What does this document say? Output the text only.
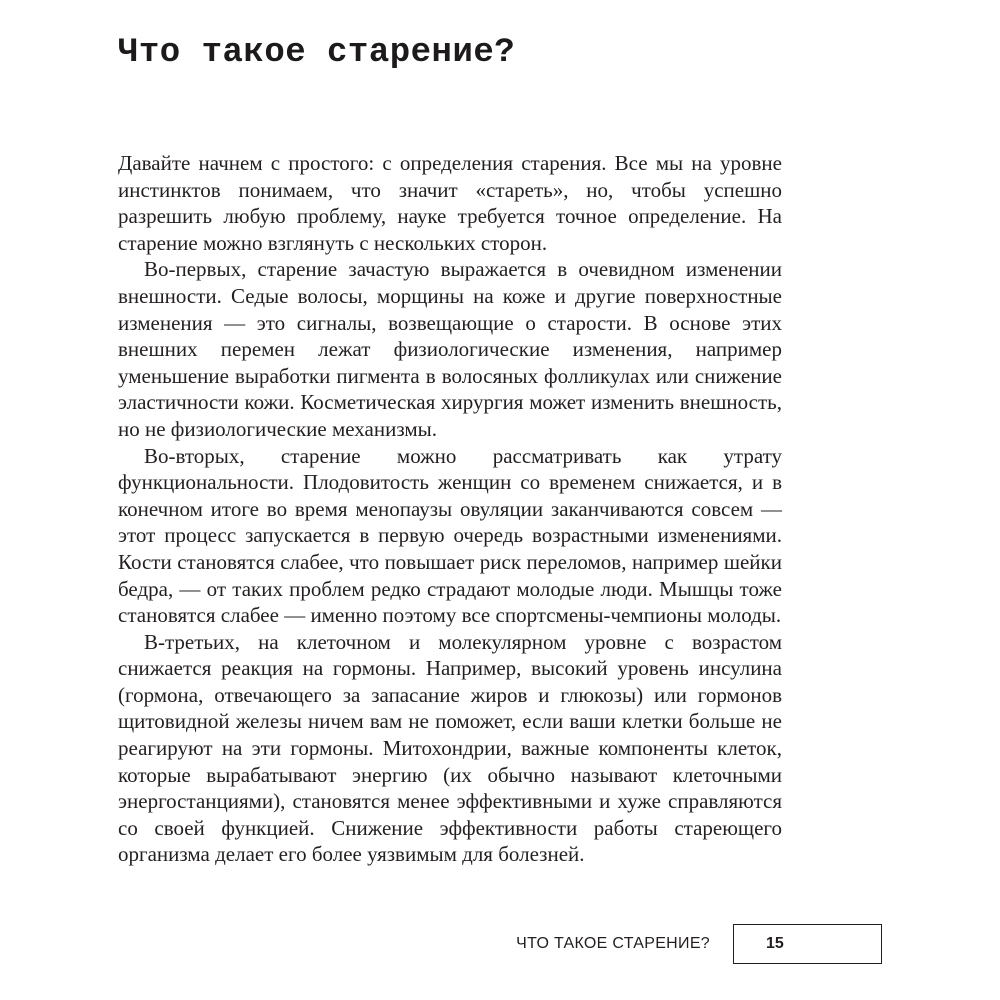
Что такое старение?

Давайте начнем с простого: с определения старения. Все мы на уровне инстинктов понимаем, что значит «стареть», но, чтобы успешно разрешить любую проблему, науке требуется точное определение. На старение можно взглянуть с нескольких сторон.

Во-первых, старение зачастую выражается в очевидном изменении внешности. Седые волосы, морщины на коже и другие поверхностные изменения — это сигналы, возвещающие о старости. В основе этих внешних перемен лежат физиологические изменения, например уменьшение выработки пигмента в волосяных фолликулах или снижение эластичности кожи. Косметическая хирургия может изменить внешность, но не физиологические механизмы.

Во-вторых, старение можно рассматривать как утрату функциональности. Плодовитость женщин со временем снижается, и в конечном итоге во время менопаузы овуляции заканчиваются совсем — этот процесс запускается в первую очередь возрастными изменениями. Кости становятся слабее, что повышает риск переломов, например шейки бедра, — от таких проблем редко страдают молодые люди. Мышцы тоже становятся слабее — именно поэтому все спортсмены-чемпионы молоды.

В-третьих, на клеточном и молекулярном уровне с возрастом снижается реакция на гормоны. Например, высокий уровень инсулина (гормона, отвечающего за запасание жиров и глюкозы) или гормонов щитовидной железы ничем вам не поможет, если ваши клетки больше не реагируют на эти гормоны. Митохондрии, важные компоненты клеток, которые вырабатывают энергию (их обычно называют клеточными энергостанциями), становятся менее эффективными и хуже справляются со своей функцией. Снижение эффективности работы стареющего организма делает его более уязвимым для болезней.

ЧТО ТАКОЕ СТАРЕНИЕ?	15
